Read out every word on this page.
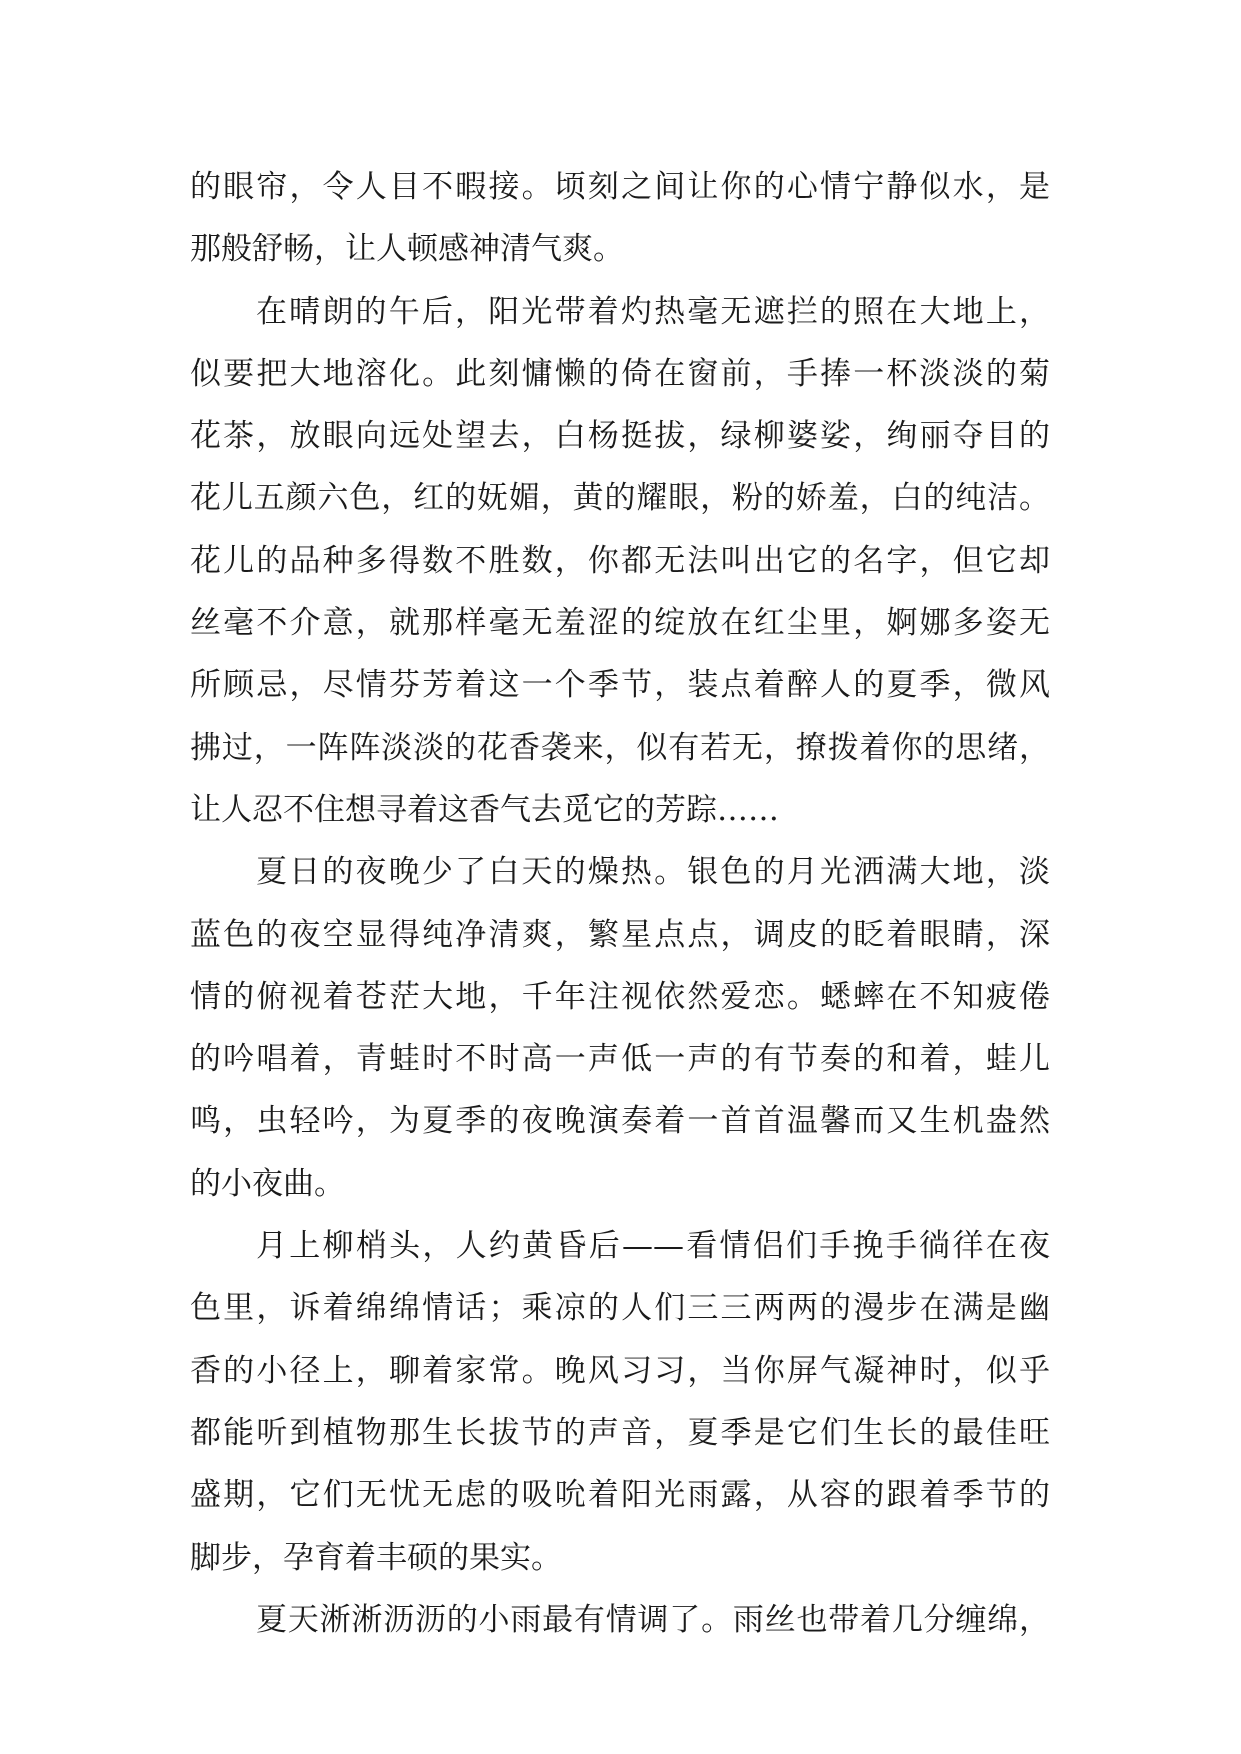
的眼帘，令人目不暇接。顷刻之间让你的心情宁静似水，是
那般舒畅，让人顿感神清气爽。
在晴朗的午后，阳光带着灼热毫无遮拦的照在大地上，
似要把大地溶化。此刻慵懒的倚在窗前，手捧一杯淡淡的菊
花茶，放眼向远处望去，白杨挺拔，绿柳婆娑，绚丽夺目的
花儿五颜六色，红的妩媚，黄的耀眼，粉的娇羞，白的纯洁。
花儿的品种多得数不胜数，你都无法叫出它的名字，但它却
丝毫不介意，就那样毫无羞涩的绽放在红尘里，婀娜多姿无
所顾忌，尽情芬芳着这一个季节，装点着醉人的夏季，微风
拂过，一阵阵淡淡的花香袭来，似有若无，撩拨着你的思绪，
让人忍不住想寻着这香气去觅它的芳踪……
夏日的夜晚少了白天的燥热。银色的月光洒满大地，淡
蓝色的夜空显得纯净清爽，繁星点点，调皮的眨着眼睛，深
情的俯视着苍茫大地，千年注视依然爱恋。蟋蟀在不知疲倦
的吟唱着，青蛙时不时高一声低一声的有节奏的和着，蛙儿
鸣，虫轻吟，为夏季的夜晚演奏着一首首温馨而又生机盎然
的小夜曲。
月上柳梢头，人约黄昏后——看情侣们手挽手徜徉在夜
色里，诉着绵绵情话；乘凉的人们三三两两的漫步在满是幽
香的小径上，聊着家常。晚风习习，当你屏气凝神时，似乎
都能听到植物那生长拔节的声音，夏季是它们生长的最佳旺
盛期，它们无忧无虑的吸吮着阳光雨露，从容的跟着季节的
脚步，孕育着丰硕的果实。
夏天淅淅沥沥的小雨最有情调了。雨丝也带着几分缠绵，
